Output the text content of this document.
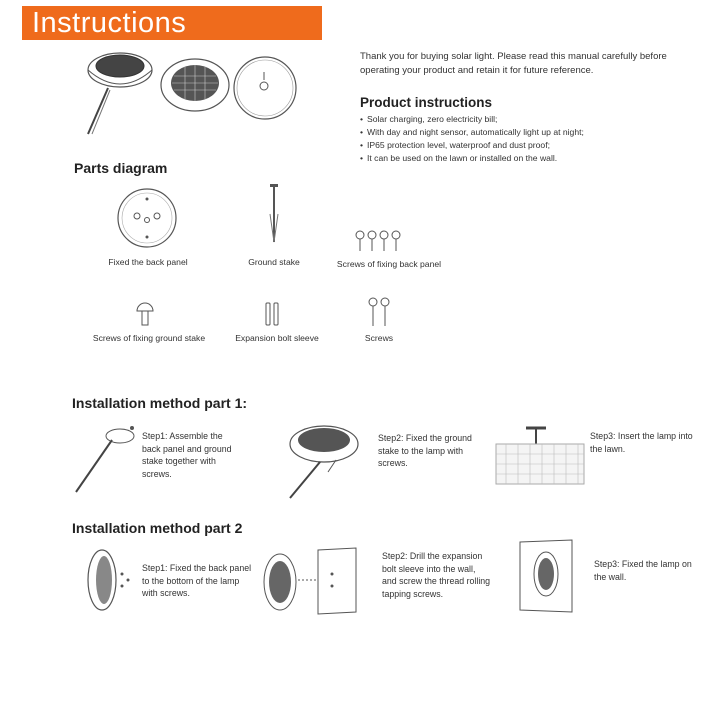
Instructions
Thank you for buying solar light. Please read this manual carefully before operating your product and retain it for future reference.
Product instructions
• Solar charging, zero electricity bill;
• With day and night sensor, automatically light up at night;
• IP65 protection level, waterproof and dust proof;
• It can be used on the lawn or installed on the wall.
Parts diagram
Fixed the back panel	Ground stake	Screws of fixing back panel
Screws of fixing ground stake	Expansion bolt sleeve	Screws
Installation method part 1:
Step1: Assemble the back panel and ground stake together with screws.
Step2: Fixed the ground stake to the lamp with screws.
Step3: Insert the lamp into the lawn.
Installation method part 2
Step1: Fixed the back panel to the bottom of the lamp with screws.
Step2: Drill the expansion bolt sleeve into the wall, and screw the thread rolling tapping screws.
Step3: Fixed the lamp on the wall.
